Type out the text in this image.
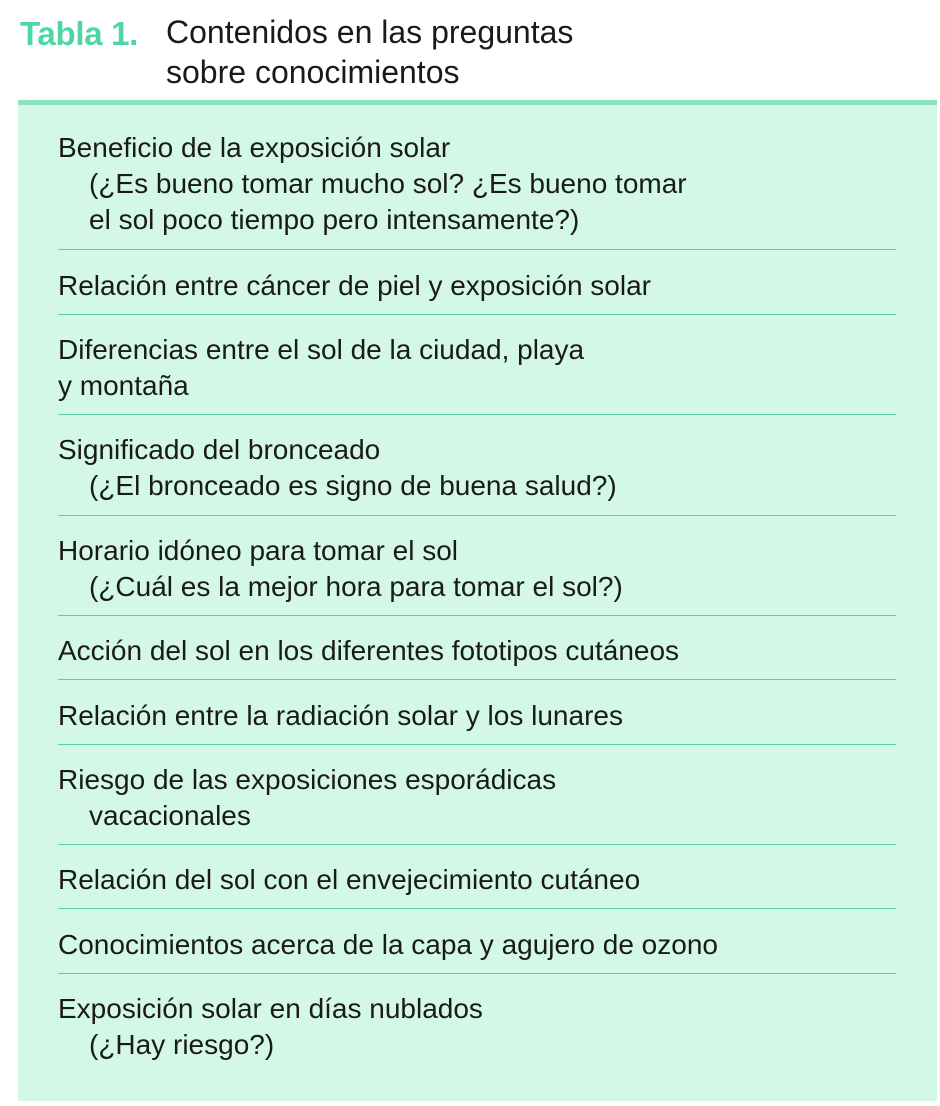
Tabla 1. Contenidos en las preguntas
sobre conocimientos
Beneficio de la exposición solar
(¿Es bueno tomar mucho sol? ¿Es bueno tomar
el sol poco tiempo pero intensamente?)
Relación entre cáncer de piel y exposición solar
Diferencias entre el sol de la ciudad, playa
y montaña
Significado del bronceado
(¿El bronceado es signo de buena salud?)
Horario idóneo para tomar el sol
(¿Cuál es la mejor hora para tomar el sol?)
Acción del sol en los diferentes fototipos cutáneos
Relación entre la radiación solar y los lunares
Riesgo de las exposiciones esporádicas
vacacionales
Relación del sol con el envejecimiento cutáneo
Conocimientos acerca de la capa y agujero de ozono
Exposición solar en días nublados
(¿Hay riesgo?)
